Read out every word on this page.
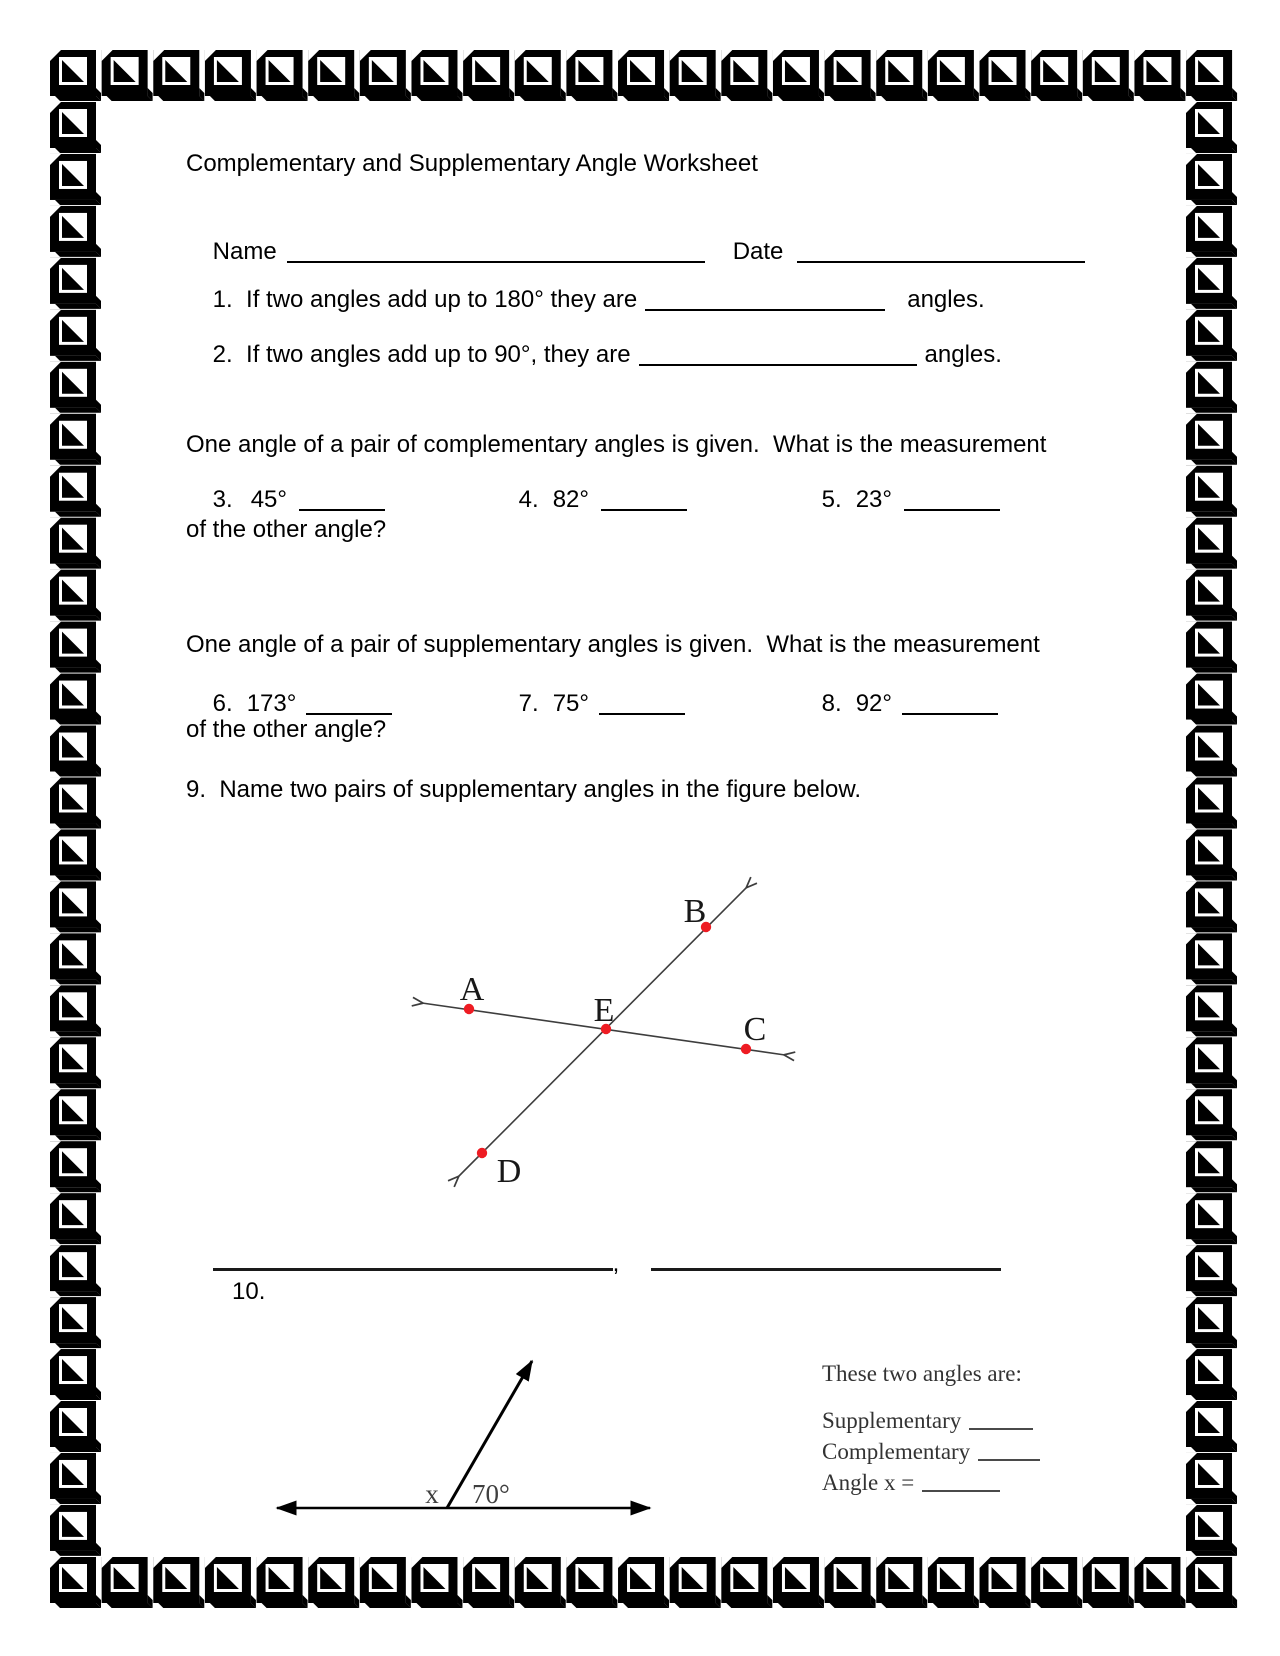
Complementary and Supplementary Angle Worksheet

Name	Date

1.  If two angles add up to 180° they are	angles.

2.  If two angles add up to 90°, they are	angles.

One angle of a pair of complementary angles is given.  What is the measurement

of the other angle?

3. 45°
	4. 82°
	5. 23°

One angle of a pair of supplementary angles is given.  What is the measurement

of the other angle?

6. 173°
	7. 75°
	8. 92°

9.  Name two pairs of supplementary angles in the figure below.
A
B
E
C
D

,

10.
x 70°
These two angles are:
Supplementary
Complementary
Angle x =
